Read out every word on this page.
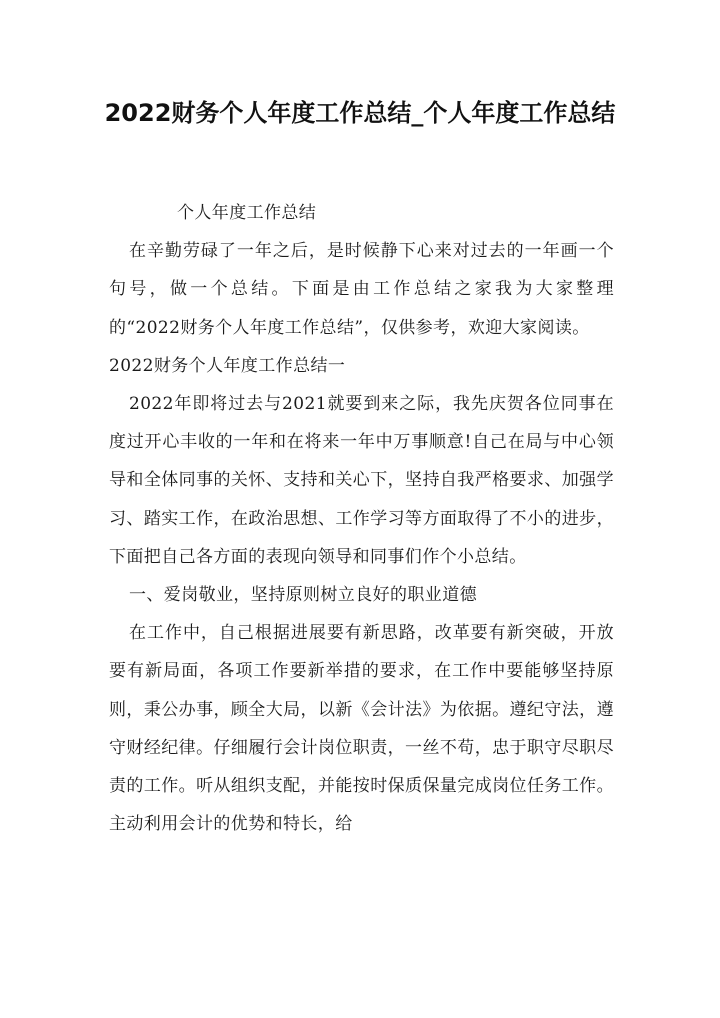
2022财务个人年度工作总结_个人年度工作总结

个人年度工作总结

在辛勤劳碌了一年之后，是时候静下心来对过去的一年画一个句号，做一个总结。下面是由工作总结之家我为大家整理的“2022财务个人年度工作总结”，仅供参考，欢迎大家阅读。

2022财务个人年度工作总结一

2022年即将过去与2021就要到来之际，我先庆贺各位同事在度过开心丰收的一年和在将来一年中万事顺意!自己在局与中心领导和全体同事的关怀、支持和关心下，坚持自我严格要求、加强学习、踏实工作，在政治思想、工作学习等方面取得了不小的进步，下面把自己各方面的表现向领导和同事们作个小总结。

一、爱岗敬业，坚持原则树立良好的职业道德

在工作中，自己根据进展要有新思路，改革要有新突破，开放要有新局面，各项工作要新举措的要求，在工作中要能够坚持原则，秉公办事，顾全大局，以新《会计法》为依据。遵纪守法，遵守财经纪律。仔细履行会计岗位职责，一丝不苟，忠于职守尽职尽责的工作。听从组织支配，并能按时保质保量完成岗位任务工作。主动利用会计的优势和特长，给
